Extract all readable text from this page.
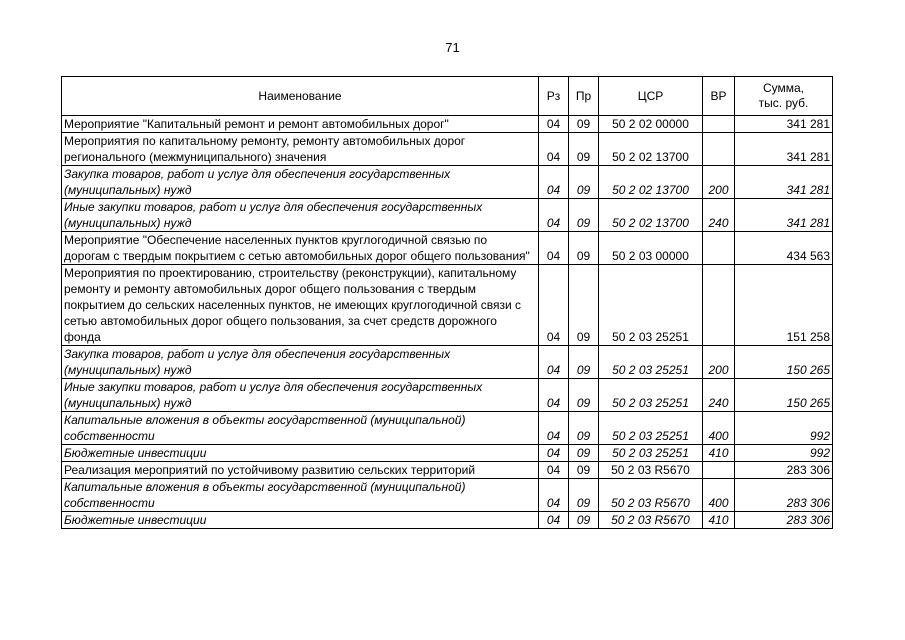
71
Наименование	Рз	Пр	ЦСР	ВР	Сумма,
тыс. руб.
Мероприятие "Капитальный ремонт и ремонт автомобильных дорог"	04	09	50 2 02 00000		341 281
Мероприятия по капитальному ремонту, ремонту автомобильных дорог регионального (межмуниципального) значения	04	09	50 2 02 13700		341 281
Закупка товаров, работ и услуг для обеспечения государственных (муниципальных) нужд	04	09	50 2 02 13700	200	341 281
Иные закупки товаров, работ и услуг для обеспечения государственных (муниципальных) нужд	04	09	50 2 02 13700	240	341 281
Мероприятие "Обеспечение населенных пунктов круглогодичной связью по дорогам с твердым покрытием с сетью автомобильных дорог общего пользования"	04	09	50 2 03 00000		434 563
Мероприятия по проектированию, строительству (реконструкции), капитальному ремонту и ремонту автомобильных дорог общего пользования с твердым покрытием до сельских населенных пунктов, не имеющих круглогодичной связи с сетью автомобильных дорог общего пользования, за счет средств дорожного фонда	04	09	50 2 03 25251		151 258
Закупка товаров, работ и услуг для обеспечения государственных (муниципальных) нужд	04	09	50 2 03 25251	200	150 265
Иные закупки товаров, работ и услуг для обеспечения государственных (муниципальных) нужд	04	09	50 2 03 25251	240	150 265
Капитальные вложения в объекты государственной (муниципальной) собственности	04	09	50 2 03 25251	400	992
Бюджетные инвестиции	04	09	50 2 03 25251	410	992
Реализация мероприятий по устойчивому развитию сельских территорий	04	09	50 2 03 R5670		283 306
Капитальные вложения в объекты государственной (муниципальной) собственности	04	09	50 2 03 R5670	400	283 306
Бюджетные инвестиции	04	09	50 2 03 R5670	410	283 306
